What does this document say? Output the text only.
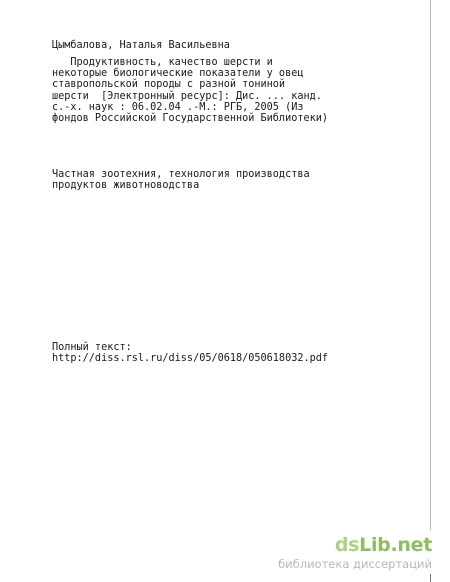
Цымбалова, Наталья Васильевна
Продуктивность, качество шерсти и
некоторые биологические показатели у овец
ставропольской породы с разной тониной
шерсти  [Электронный ресурс]: Дис. ... канд.
с.-х. наук : 06.02.04 .-М.: РГБ, 2005 (Из
фондов Российской Государственной Библиотеки)
Частная зоотехния, технология производства
продуктов животноводства
Полный текст:
http://diss.rsl.ru/diss/05/0618/050618032.pdf
dsLib.net
библиотека диссертаций
